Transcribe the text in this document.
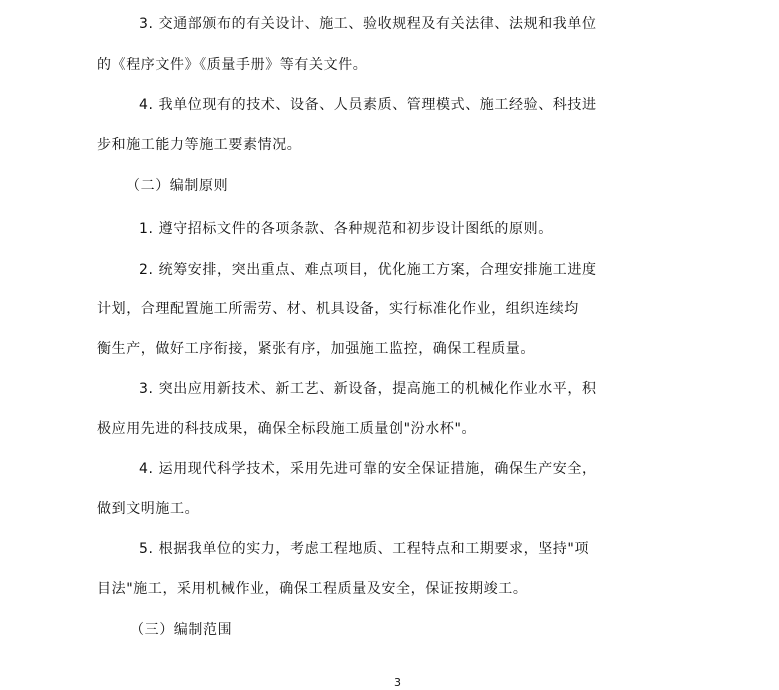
3. 交通部颁布的有关设计、施工、验收规程及有关法律、法规和我单位
的《程序文件》《质量手册》等有关文件。
4. 我单位现有的技术、设备、人员素质、管理模式、施工经验、科技进
步和施工能力等施工要素情况。
（二）编制原则
1. 遵守招标文件的各项条款、各种规范和初步设计图纸的原则。
2. 统筹安排，突出重点、难点项目，优化施工方案，合理安排施工进度
计划，合理配置施工所需劳、材、机具设备，实行标准化作业，组织连续均
衡生产，做好工序衔接，紧张有序，加强施工监控，确保工程质量。
3. 突出应用新技术、新工艺、新设备，提高施工的机械化作业水平，积
极应用先进的科技成果，确保全标段施工质量创"汾水杯"。
4. 运用现代科学技术，采用先进可靠的安全保证措施，确保生产安全，
做到文明施工。
5. 根据我单位的实力，考虑工程地质、工程特点和工期要求，坚持"项
目法"施工，采用机械作业，确保工程质量及安全，保证按期竣工。
（三）编制范围
3
